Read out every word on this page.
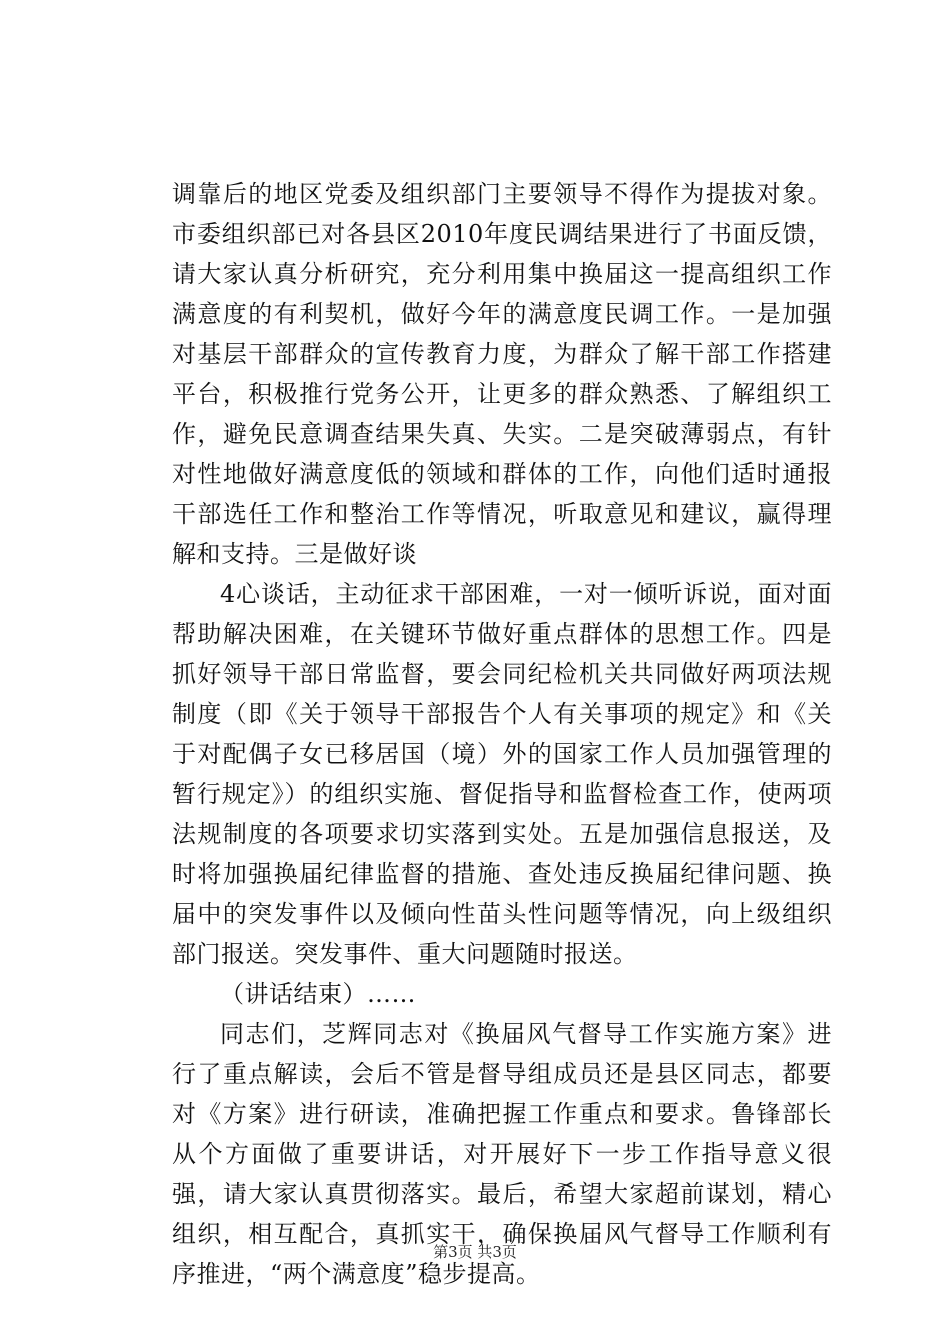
调靠后的地区党委及组织部门主要领导不得作为提拔对象。市委组织部已对各县区2010年度民调结果进行了书面反馈，请大家认真分析研究，充分利用集中换届这一提高组织工作满意度的有利契机，做好今年的满意度民调工作。一是加强对基层干部群众的宣传教育力度，为群众了解干部工作搭建平台，积极推行党务公开，让更多的群众熟悉、了解组织工作，避免民意调查结果失真、失实。二是突破薄弱点，有针对性地做好满意度低的领域和群体的工作，向他们适时通报干部选任工作和整治工作等情况，听取意见和建议，赢得理解和支持。三是做好谈

4心谈话，主动征求干部困难，一对一倾听诉说，面对面帮助解决困难，在关键环节做好重点群体的思想工作。四是抓好领导干部日常监督，要会同纪检机关共同做好两项法规制度（即《关于领导干部报告个人有关事项的规定》和《关于对配偶子女已移居国（境）外的国家工作人员加强管理的暂行规定》）的组织实施、督促指导和监督检查工作，使两项法规制度的各项要求切实落到实处。五是加强信息报送，及时将加强换届纪律监督的措施、查处违反换届纪律问题、换届中的突发事件以及倾向性苗头性问题等情况，向上级组织部门报送。突发事件、重大问题随时报送。

（讲话结束）……

同志们，芝辉同志对《换届风气督导工作实施方案》进行了重点解读，会后不管是督导组成员还是县区同志，都要对《方案》进行研读，准确把握工作重点和要求。鲁锋部长从个方面做了重要讲话，对开展好下一步工作指导意义很强，请大家认真贯彻落实。最后，希望大家超前谋划，精心组织，相互配合，真抓实干，确保换届风气督导工作顺利有序推进，“两个满意度”稳步提高。

第3页 共3页
